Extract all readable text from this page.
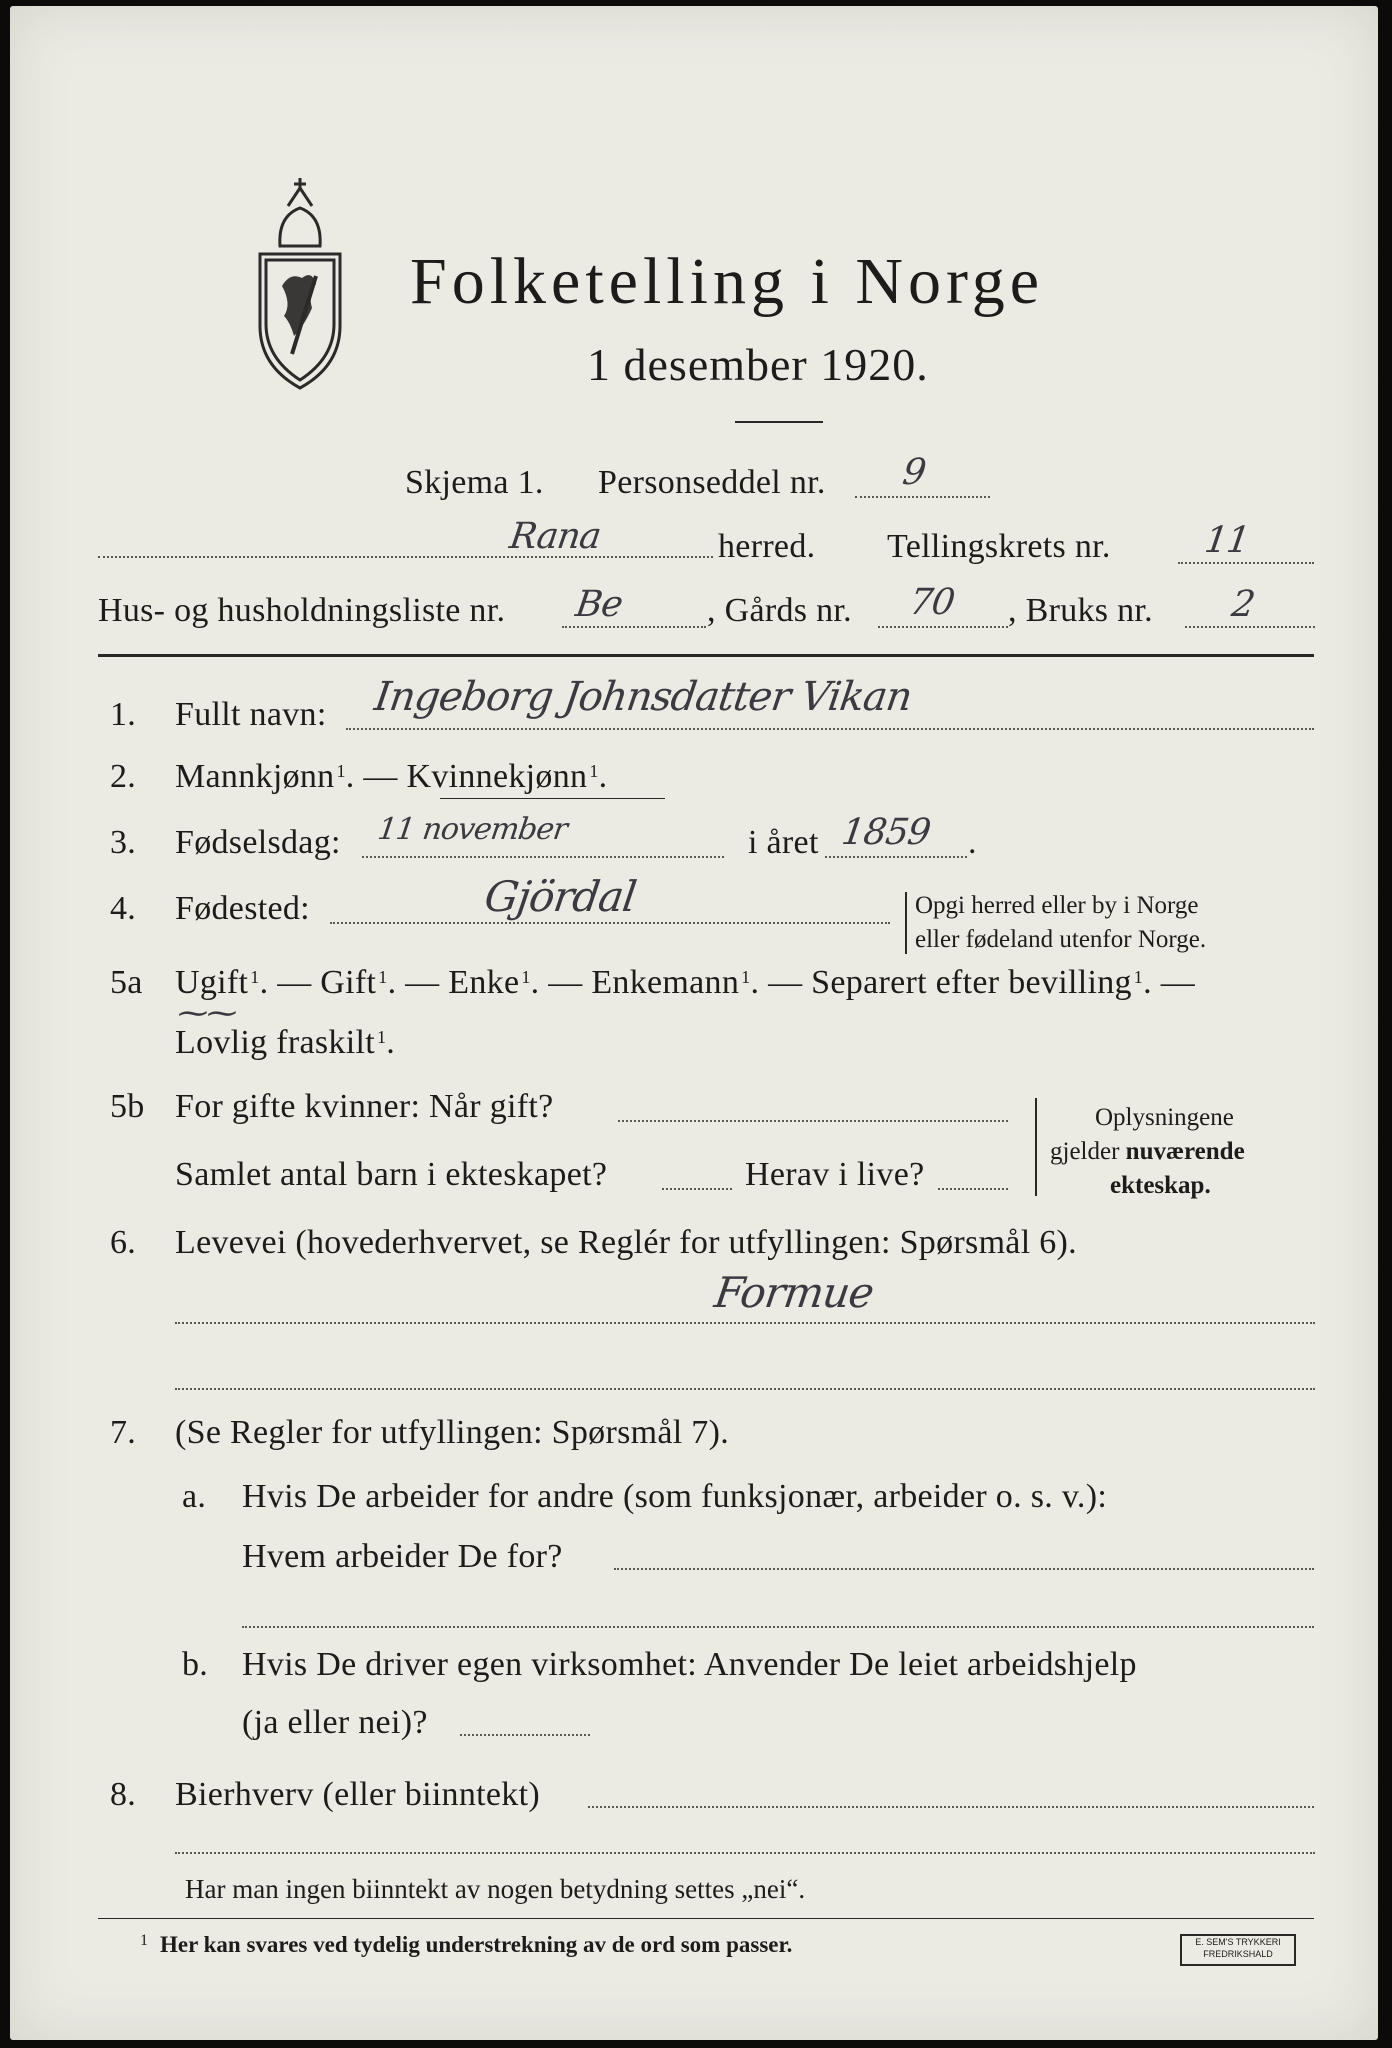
Folketelling i Norge
1 desember 1920.
Skjema 1. Personseddel nr. 9
Rana	herred. Tellingskrets nr.	11
Hus- og husholdningsliste nr. Be , Gårds nr. 70 , Bruks nr. 2
1. Fullt navn: Ingeborg Johnsdatter Vikan
2. Mannkjønn $^1$. — Kvinnekjønn $^1$.
3. Fødselsdag: 11 november	i året 1859 .
4. Fødested:	Gjördal	Opgi herred eller by i Norge
eller fødeland utenfor Norge.
5a Ugift $^1$. — Gift $^1$. — Enke $^1$. — Enkemann $^1$. — Separert efter bevilling $^1$. —
⁓⁓
Lovlig fraskilt $^1$.
5b For gifte kvinner: Når gift?
Samlet antal barn i ekteskapet?	Herav i live?
Oplysningene
gjelder nuværende
ekteskap.
6. Levevei (hovederhvervet, se Reglér for utfyllingen: Spørsmål 6).
Formue
7. (Se Regler for utfyllingen: Spørsmål 7).
a. Hvis De arbeider for andre (som funksjonær, arbeider o. s. v.):
Hvem arbeider De for?
b. Hvis De driver egen virksomhet: Anvender De leiet arbeidshjelp
(ja eller nei)?
8. Bierhverv (eller biinntekt)
Har man ingen biinntekt av nogen betydning settes „nei“.
1 Her kan svares ved tydelig understrekning av de ord som passer.	E. SEM'S TRYKKERI
FREDRIKSHALD
